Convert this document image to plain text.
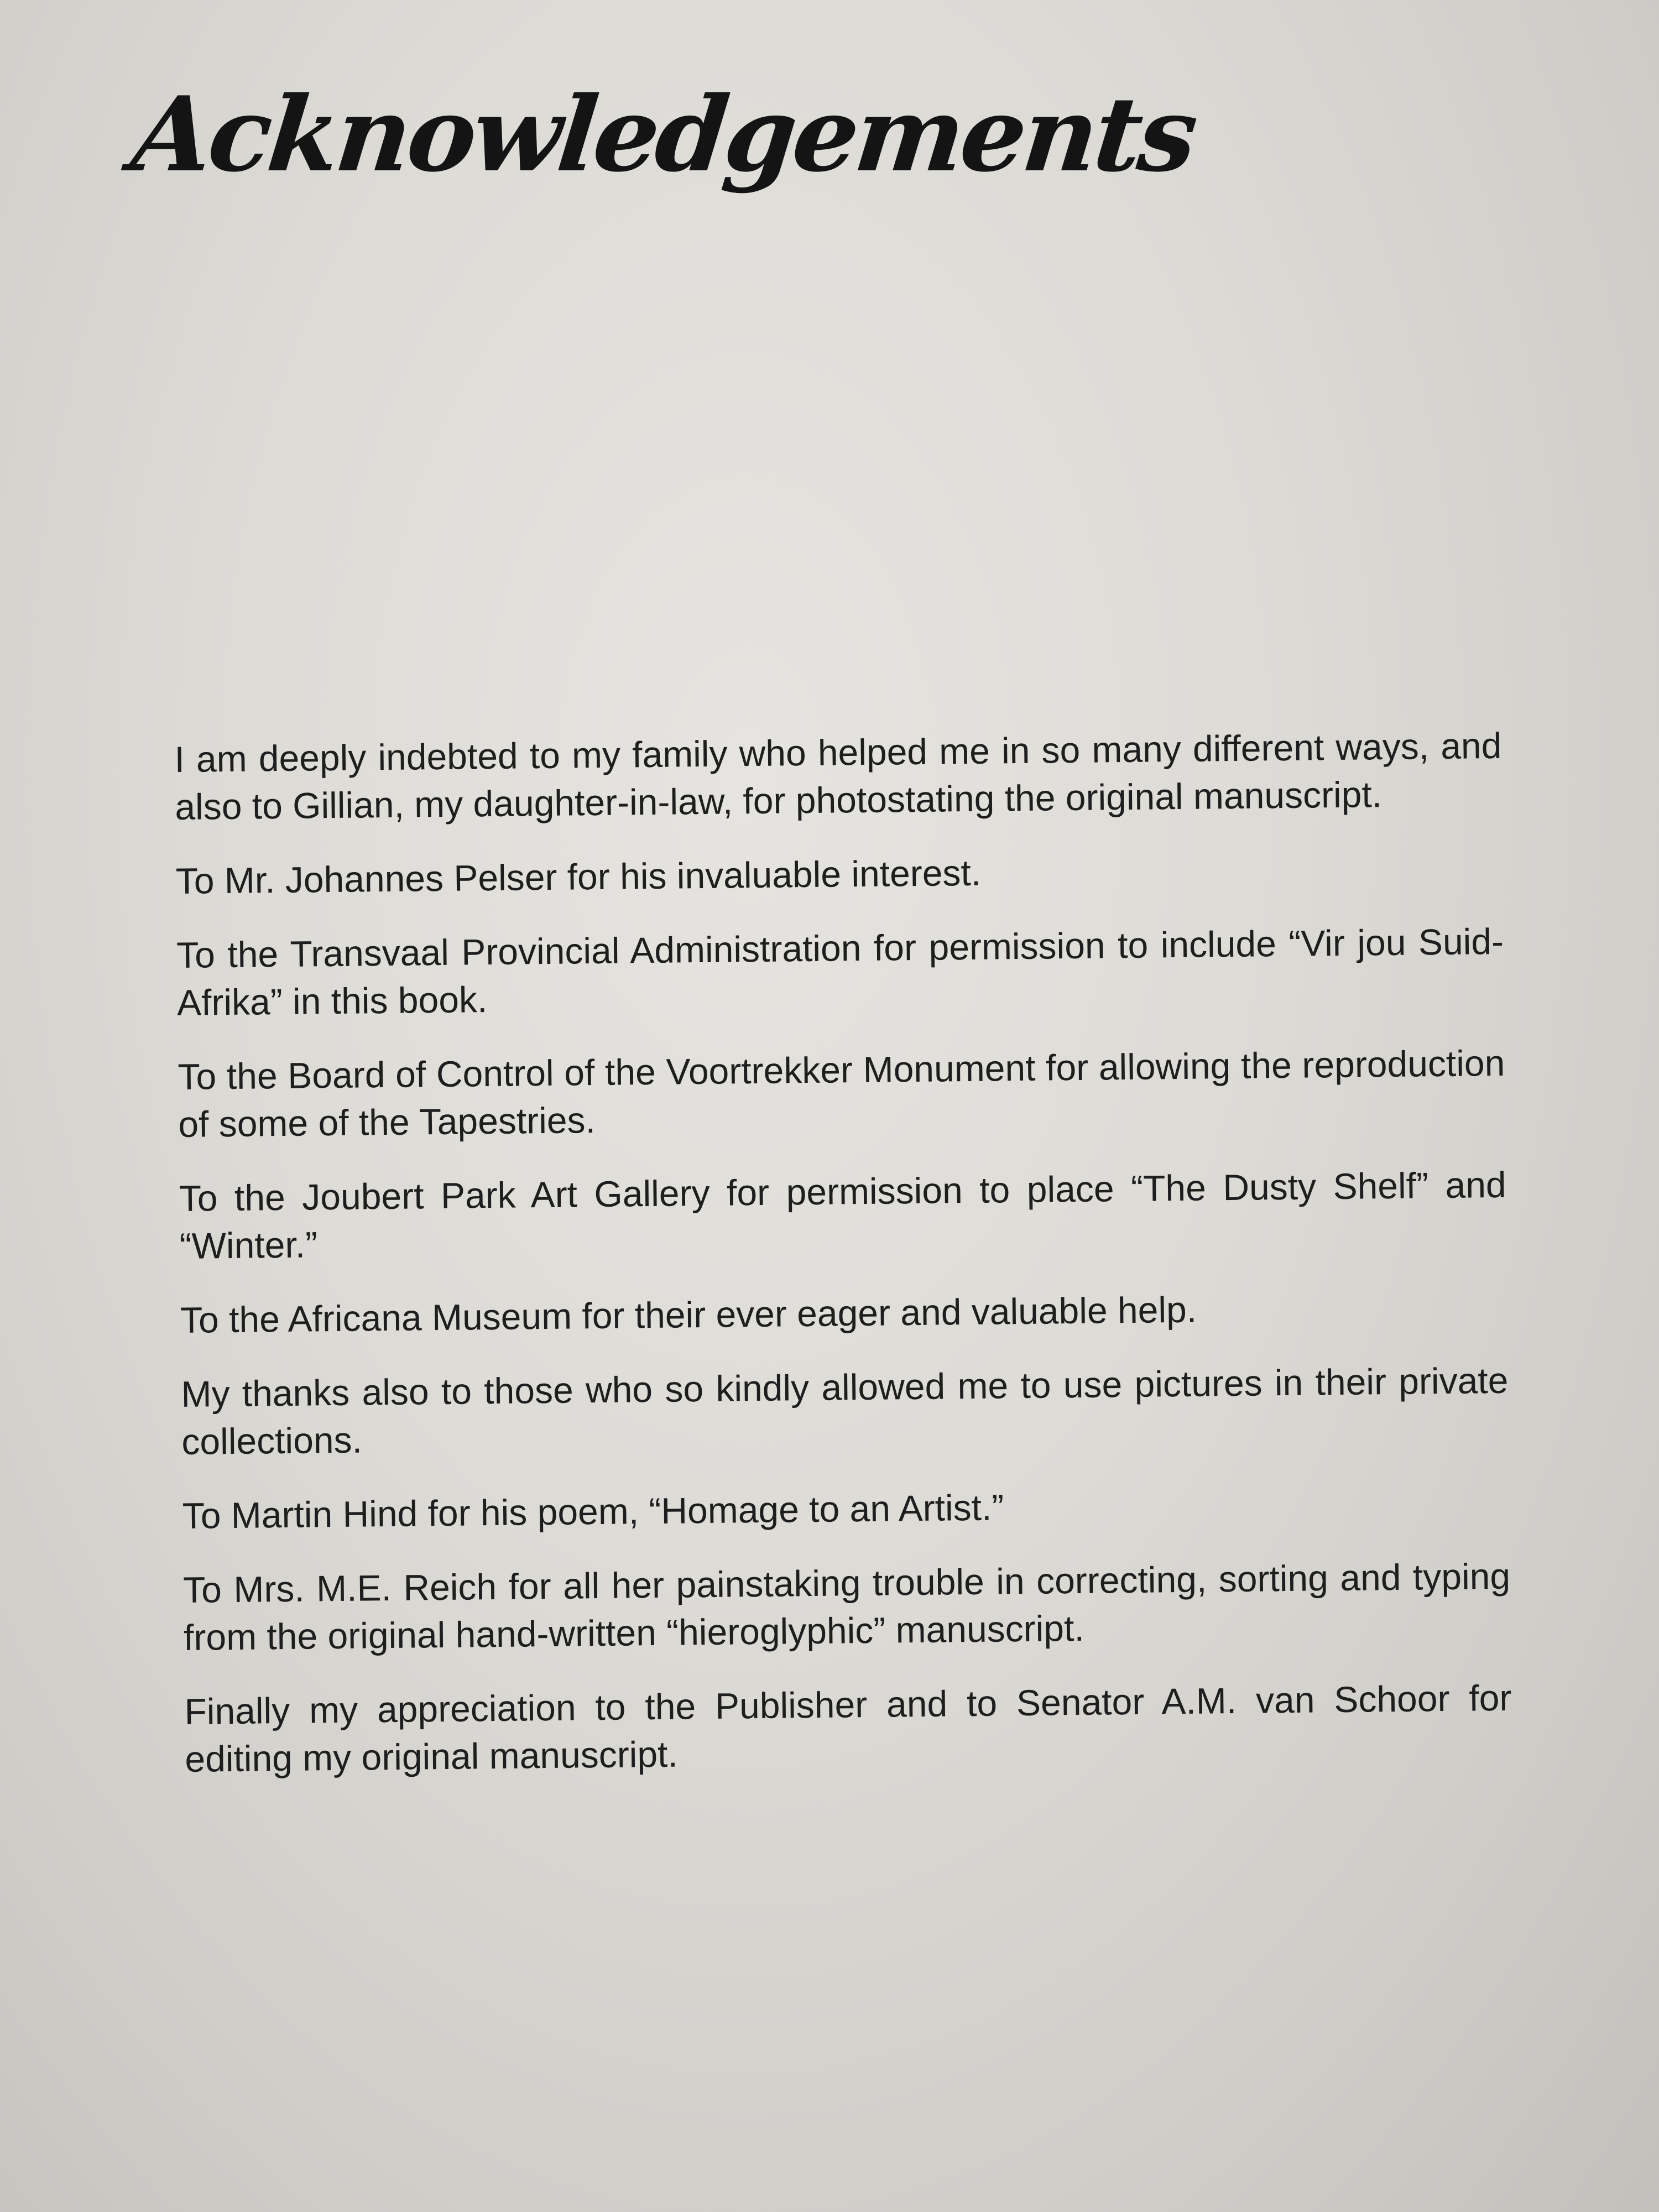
Acknowledgements

I am deeply indebted to my family who helped me in so many different ways, and also to Gillian, my daughter-in-law, for photostating the original manuscript.

To Mr. Johannes Pelser for his invaluable interest.

To the Transvaal Provincial Administration for permission to include “Vir jou Suid-Afrika” in this book.

To the Board of Control of the Voortrekker Monument for allowing the reproduction of some of the Tapestries.

To the Joubert Park Art Gallery for permission to place “The Dusty Shelf” and “Winter.”

To the Africana Museum for their ever eager and valuable help.

My thanks also to those who so kindly allowed me to use pictures in their private collections.

To Martin Hind for his poem, “Homage to an Artist.”

To Mrs. M.E. Reich for all her painstaking trouble in correcting, sorting and typing from the original hand-written “hieroglyphic” manuscript.

Finally my appreciation to the Publisher and to Senator A.M. van Schoor for editing my original manuscript.
